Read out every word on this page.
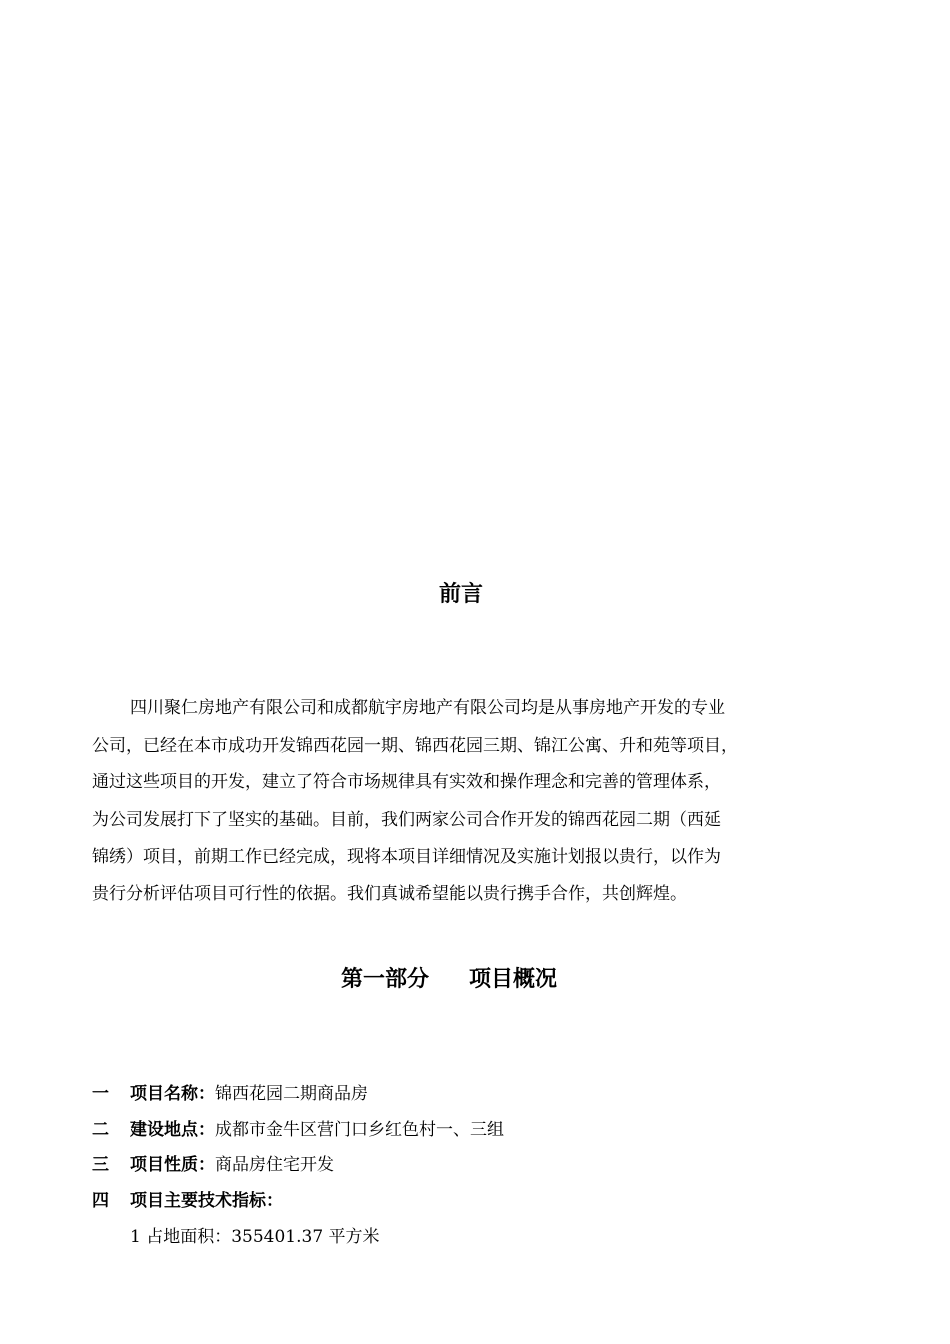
前言

四川聚仁房地产有限公司和成都航宇房地产有限公司均是从事房地产开发的专业

公司，已经在本市成功开发锦西花园一期、锦西花园三期、锦江公寓、升和苑等项目，

通过这些项目的开发，建立了符合市场规律具有实效和操作理念和完善的管理体系，

为公司发展打下了坚实的基础。目前，我们两家公司合作开发的锦西花园二期（西延

锦绣）项目，前期工作已经完成，现将本项目详细情况及实施计划报以贵行，以作为

贵行分析评估项目可行性的依据。我们真诚希望能以贵行携手合作，共创辉煌。

第一部分 项目概况
一 项目名称：锦西花园二期商品房
二 建设地点：成都市金牛区营门口乡红色村一、三组
三 项目性质：商品房住宅开发
四 项目主要技术指标：
1 占地面积：355401.37 平方米
